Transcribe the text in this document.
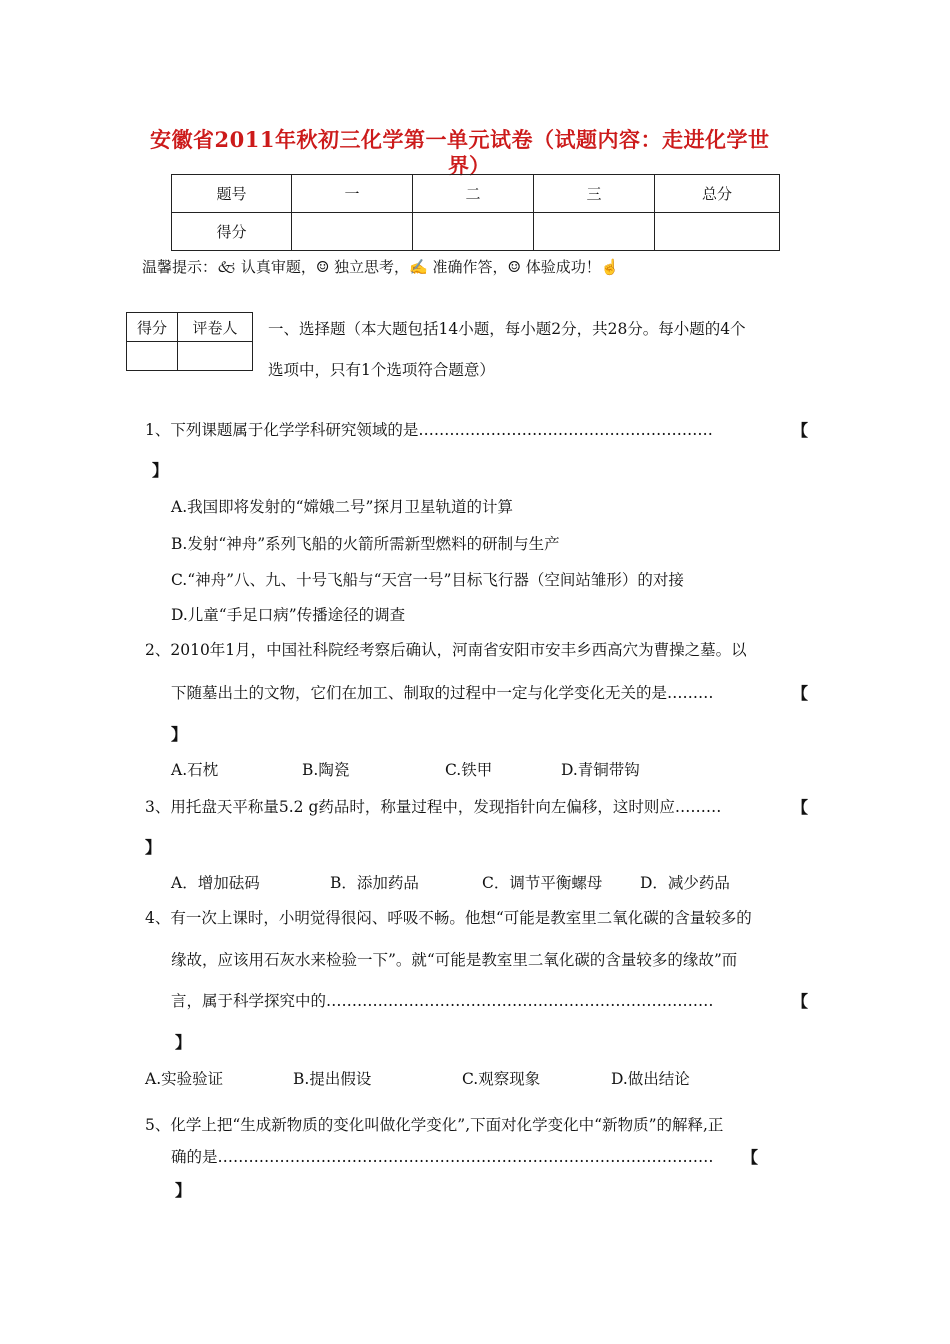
安徽省2011年秋初三化学第一单元试卷（试题内容：走进化学世
界）
题号	一	二	三	总分
得分				
温馨提示：🙵 认真审题，☺ 独立思考，✍ 准确作答，☺ 体验成功！☝
得分	评卷人
	一、选择题（本大题包括14小题，每小题2分，共28分。每小题的4个
选项中，只有1个选项符合题意）
1、下列课题属于化学学科研究领域的是…………………………………………………	【
】
A.我国即将发射的“嫦娥二号”探月卫星轨道的计算
B.发射“神舟”系列飞船的火箭所需新型燃料的研制与生产
C.“神舟”八、九、十号飞船与“天宫一号”目标飞行器（空间站雏形）的对接
D.儿童“手足口病”传播途径的调查
2、2010年1月，中国社科院经考察后确认，河南省安阳市安丰乡西高穴为曹操之墓。以
下随墓出土的文物，它们在加工、制取的过程中一定与化学变化无关的是………	【
】
A.石枕	B.陶瓷	C.铁甲	D.青铜带钩
3、用托盘天平称量5.2 g药品时，称量过程中，发现指针向左偏移，这时则应………	【
】
A．增加砝码	B．添加药品	C．调节平衡螺母 D．减少药品
4、有一次上课时，小明觉得很闷、呼吸不畅。他想“可能是教室里二氧化碳的含量较多的
缘故，应该用石灰水来检验一下”。就“可能是教室里二氧化碳的含量较多的缘故”而
言，属于科学探究中的…………………………………………………………………	【
】
A.实验验证	B.提出假设	C.观察现象	D.做出结论
5、化学上把“生成新物质的变化叫做化学变化”,下面对化学变化中“新物质”的解释,正
确的是…………………………………………………………………………………… 【
】
